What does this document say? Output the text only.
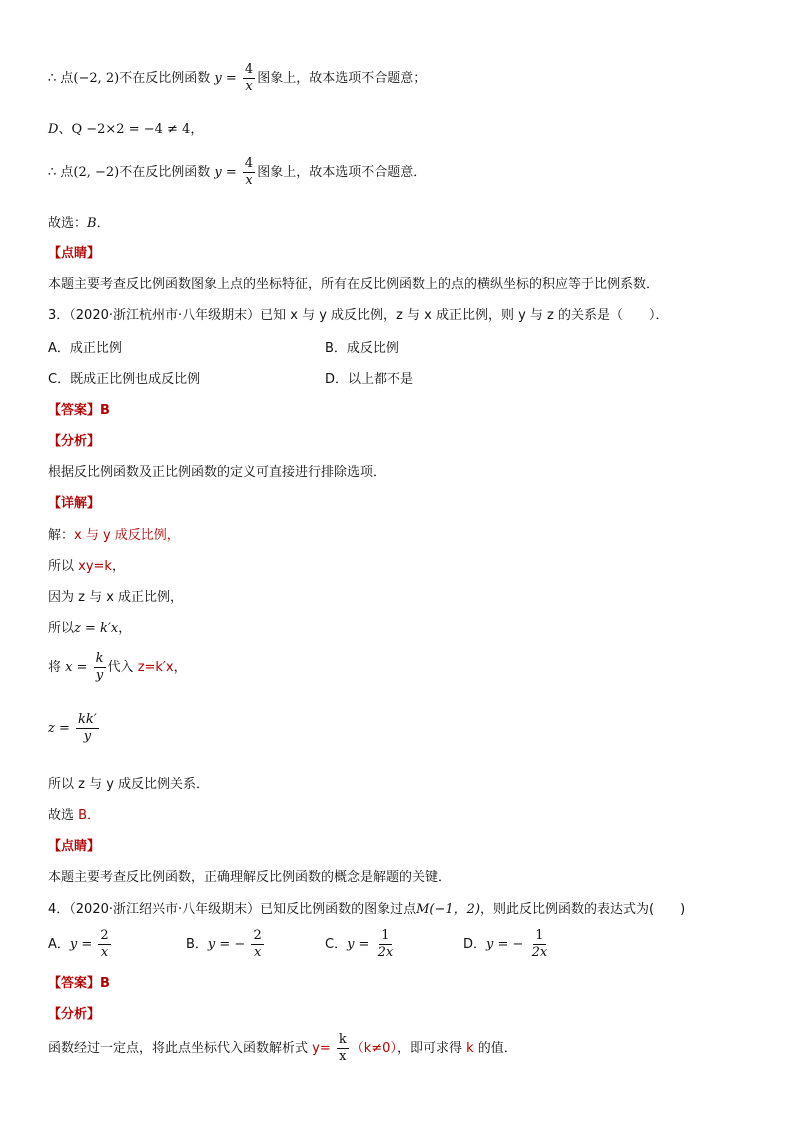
∴ 点(−2, 2)不在反比例函数 $y = \frac{4}{x}$ 图象上，故本选项不合题意；
D、Q −2×2 = −4 ≠ 4，
∴ 点(2, −2)不在反比例函数 $y = \frac{4}{x}$ 图象上，故本选项不合题意．
故选：B．
【点睛】
本题主要考查反比例函数图象上点的坐标特征，所有在反比例函数上的点的横纵坐标的积应等于比例系数．
3．（2020·浙江杭州市·八年级期末）已知 x 与 y 成反比例，z 与 x 成正比例，则 y 与 z 的关系是（　　）．
A．成正比例	B．成反比例
C．既成正比例也成反比例	D．以上都不是
【答案】B
【分析】
根据反比例函数及正比例函数的定义可直接进行排除选项．
【详解】
解：x 与 y 成反比例，
所以 xy=k，
因为 z 与 x 成正比例，
所以z = k′x，
将 $x = \frac{k}{y}$ 代入 z=k′x，
$z = \frac{kk'}{y}$
所以 z 与 y 成反比例关系．
故选 B．
【点睛】
本题主要考查反比例函数，正确理解反比例函数的概念是解题的关键．
4．（2020·浙江绍兴市·八年级期末）已知反比例函数的图象过点M(−1，2)，则此反比例函数的表达式为(　　)
A．$y = \frac{2}{x}$	B．y = − $\frac{2}{x}$	C．$y = \frac{1}{2x}$	D．y = − $\frac{1}{2x}$
【答案】B
【分析】
函数经过一定点，将此点坐标代入函数解析式 $y= \frac{k}{x} (k\ne 0)$，即可求得 k 的值．
